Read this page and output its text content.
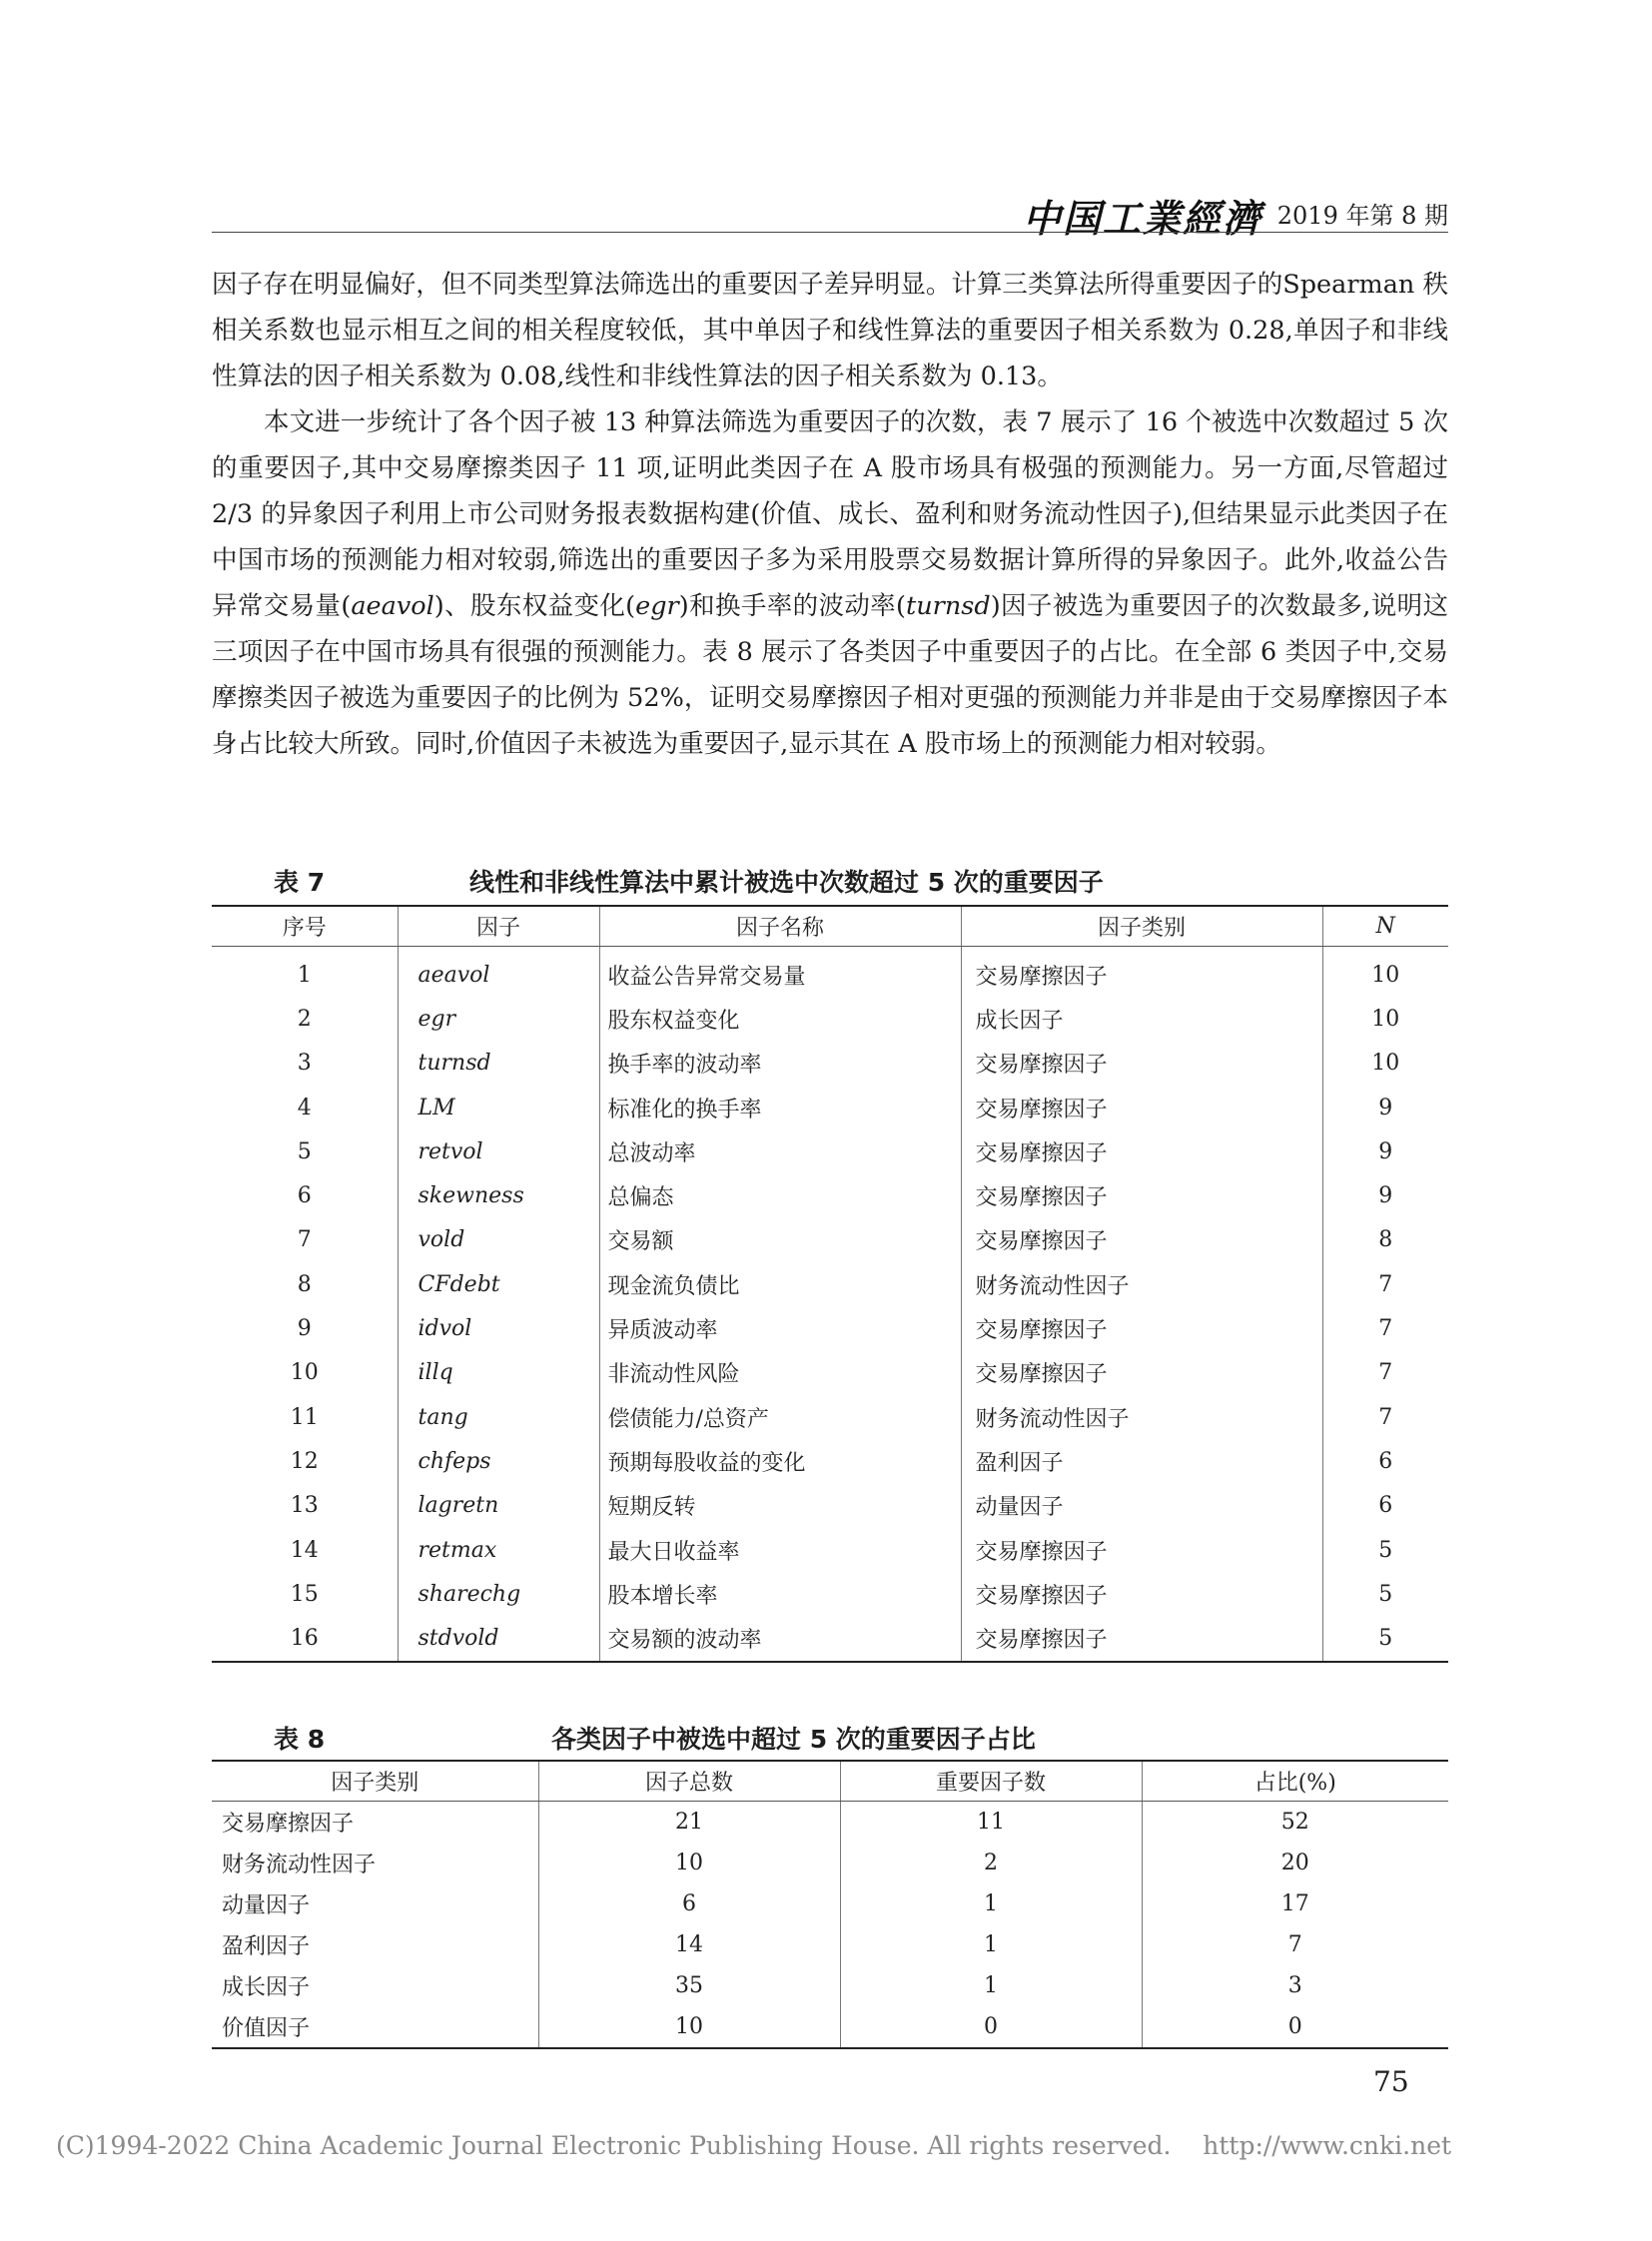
中国工業經濟 2019 年第 8 期

因子存在明显偏好，但不同类型算法筛选出的重要因子差异明显。计算三类算法所得重要因子的Spearman 秩相关系数也显示相互之间的相关程度较低，其中单因子和线性算法的重要因子相关系数为 0.28,单因子和非线性算法的因子相关系数为 0.08,线性和非线性算法的因子相关系数为 0.13。

本文进一步统计了各个因子被 13 种算法筛选为重要因子的次数，表 7 展示了 16 个被选中次数超过 5 次的重要因子,其中交易摩擦类因子 11 项,证明此类因子在 A 股市场具有极强的预测能力。另一方面,尽管超过 2/3 的异象因子利用上市公司财务报表数据构建(价值、成长、盈利和财务流动性因子),但结果显示此类因子在中国市场的预测能力相对较弱,筛选出的重要因子多为采用股票交易数据计算所得的异象因子。此外,收益公告异常交易量(aeavol)、股东权益变化(egr)和换手率的波动率(turnsd)因子被选为重要因子的次数最多,说明这三项因子在中国市场具有很强的预测能力。表 8 展示了各类因子中重要因子的占比。在全部 6 类因子中,交易摩擦类因子被选为重要因子的比例为 52%，证明交易摩擦因子相对更强的预测能力并非是由于交易摩擦因子本身占比较大所致。同时,价值因子未被选为重要因子,显示其在 A 股市场上的预测能力相对较弱。

表 7	线性和非线性算法中累计被选中次数超过 5 次的重要因子
序号	因子	因子名称	因子类别	N
1	aeavol	收益公告异常交易量	交易摩擦因子	10
2	egr	股东权益变化	成长因子	10
3	turnsd	换手率的波动率	交易摩擦因子	10
4	LM	标准化的换手率	交易摩擦因子	9
5	retvol	总波动率	交易摩擦因子	9
6	skewness	总偏态	交易摩擦因子	9
7	vold	交易额	交易摩擦因子	8
8	CFdebt	现金流负债比	财务流动性因子	7
9	idvol	异质波动率	交易摩擦因子	7
10	illq	非流动性风险	交易摩擦因子	7
11	tang	偿债能力/总资产	财务流动性因子	7
12	chfeps	预期每股收益的变化	盈利因子	6
13	lagretn	短期反转	动量因子	6
14	retmax	最大日收益率	交易摩擦因子	5
15	sharechg	股本增长率	交易摩擦因子	5
16	stdvold	交易额的波动率	交易摩擦因子	5
表 8	各类因子中被选中超过 5 次的重要因子占比
因子类别	因子总数	重要因子数	占比(%)
交易摩擦因子	21	11	52
财务流动性因子	10	2	20
动量因子	6	1	17
盈利因子	14	1	7
成长因子	35	1	3
价值因子	10	0	0
75
(C)1994-2022 China Academic Journal Electronic Publishing House. All rights reserved.    http://www.cnki.net
